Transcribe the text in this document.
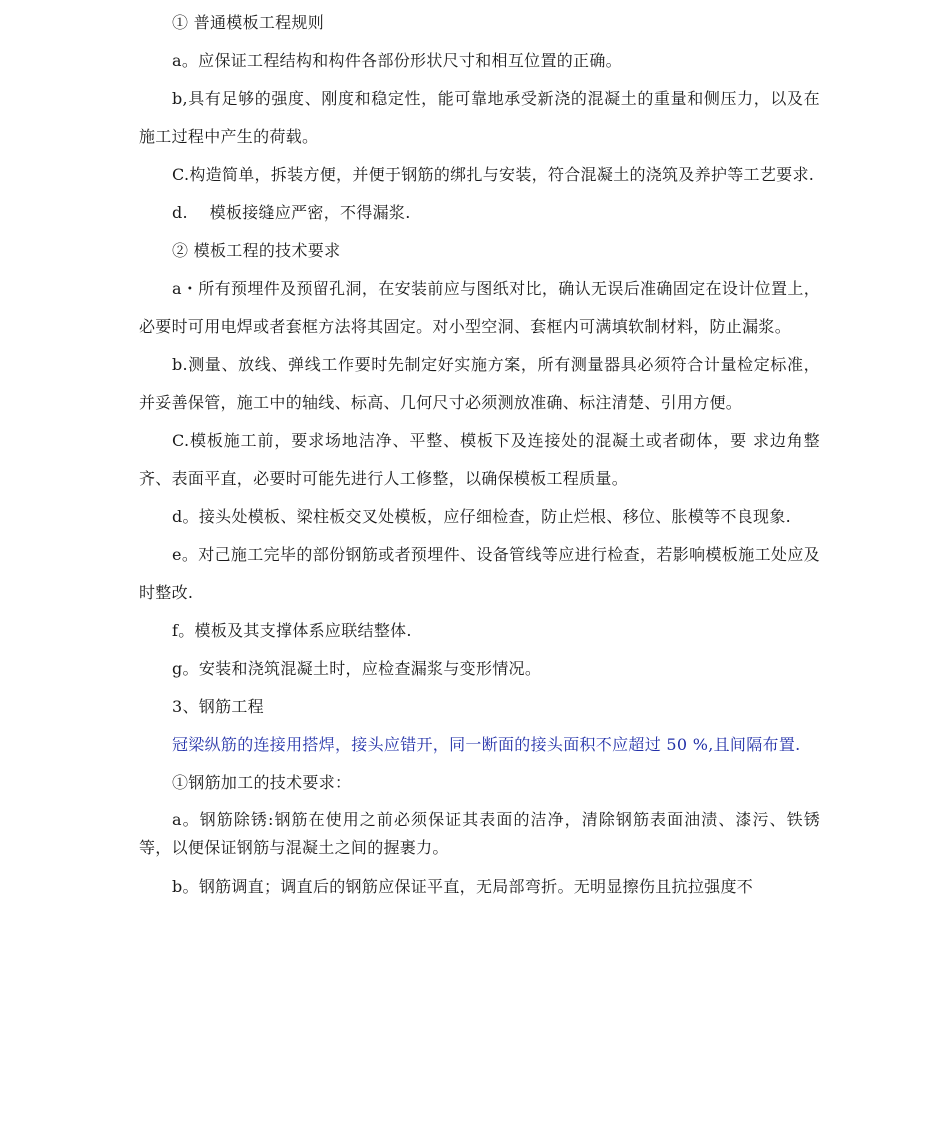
① 普通模板工程规则

a。应保证工程结构和构件各部份形状尺寸和相互位置的正确。

b,具有足够的强度、刚度和稳定性，能可靠地承受新浇的混凝土的重量和侧压力，以及在施工过程中产生的荷载。

C.构造简单，拆装方便，并便于钢筋的绑扎与安装，符合混凝土的浇筑及养护等工艺要求.

d.　 模板接缝应严密，不得漏浆.

② 模板工程的技术要求

a・所有预埋件及预留孔洞，在安装前应与图纸对比，确认无误后准确固定在设计位置上，必要时可用电焊或者套框方法将其固定。对小型空洞、套框内可满填软制材料，防止漏浆。

b.测量、放线、弹线工作要时先制定好实施方案，所有测量器具必须符合计量检定标准，并妥善保管，施工中的轴线、标高、几何尺寸必须测放准确、标注清楚、引用方便。

C.模板施工前，要求场地洁净、平整、模板下及连接处的混凝土或者砌体，要 求边角整齐、表面平直，必要时可能先进行人工修整，以确保模板工程质量。

d。接头处模板、梁柱板交叉处模板，应仔细检查，防止烂根、移位、胀模等不良现象.

e。对己施工完毕的部份钢筋或者预埋件、设备管线等应进行检查，若影响模板施工处应及时整改.

f。模板及其支撑体系应联结整体.

g。安装和浇筑混凝土时，应检查漏浆与变形情况。

3、钢筋工程

冠梁纵筋的连接用搭焊，接头应错开，同一断面的接头面积不应超过 50 %,且间隔布置.

①钢筋加工的技术要求：

a。钢筋除锈:钢筋在使用之前必须保证其表面的洁净，清除钢筋表面油渍、漆污、铁锈等，以便保证钢筋与混凝土之间的握裹力。

b。钢筋调直；调直后的钢筋应保证平直，无局部弯折。无明显擦伤且抗拉强度不
